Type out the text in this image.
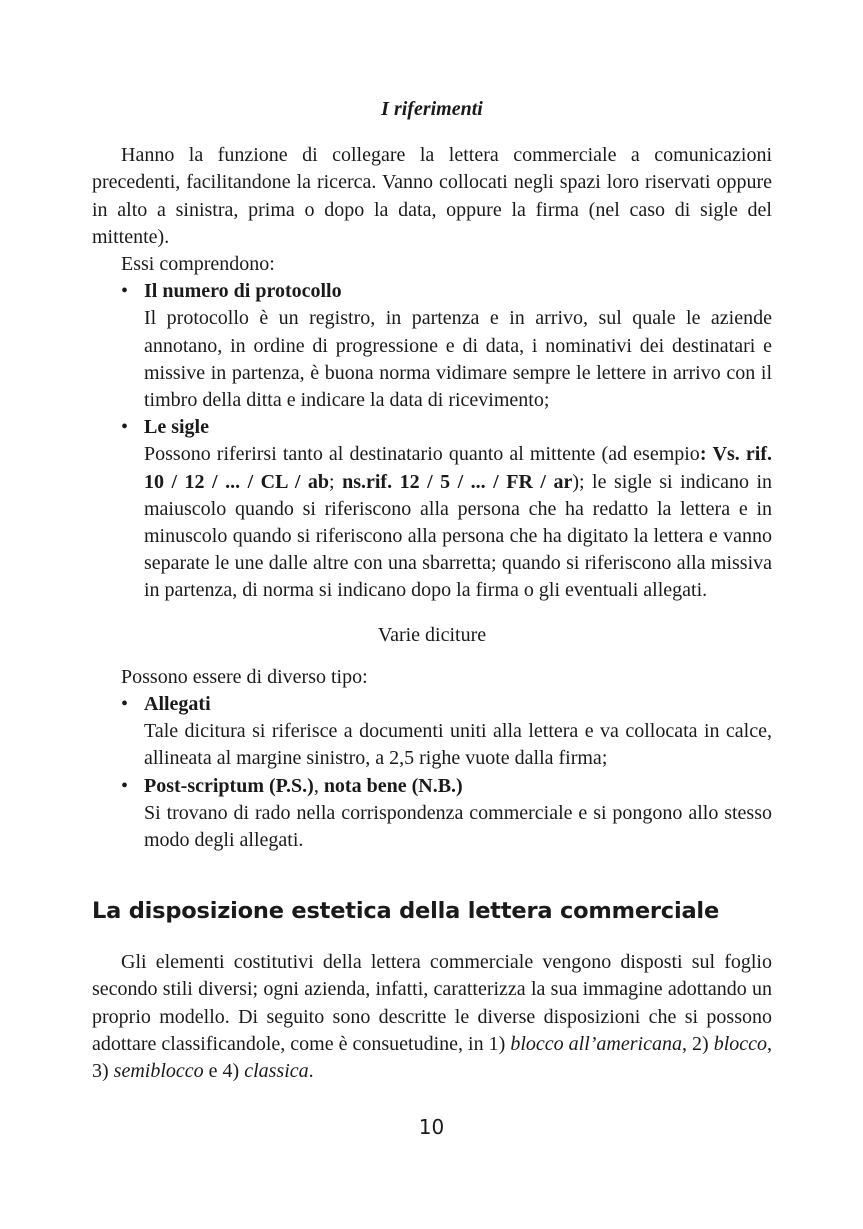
I riferimenti

Hanno la funzione di collegare la lettera commerciale a comunicazioni precedenti, facilitandone la ricerca. Vanno collocati negli spazi loro riservati oppure in alto a sinistra, prima o dopo la data, oppure la firma (nel caso di sigle del mittente).

Essi comprendono:

• Il numero di protocollo
Il protocollo è un registro, in partenza e in arrivo, sul quale le aziende annotano, in ordine di progressione e di data, i nominativi dei destinatari e missive in partenza, è buona norma vidimare sempre le lettere in arrivo con il timbro della ditta e indicare la data di ricevimento;
• Le sigle
Possono riferirsi tanto al destinatario quanto al mittente (ad esempio: Vs. rif. 10 / 12 / ... / CL / ab; ns.rif. 12 / 5 / ... / FR / ar); le sigle si indicano in maiuscolo quando si riferiscono alla persona che ha redatto la lettera e in minuscolo quando si riferiscono alla persona che ha digitato la lettera e vanno separate le une dalle altre con una sbarretta; quando si riferiscono alla missiva in partenza, di norma si indicano dopo la firma o gli eventuali allegati.

Varie diciture

Possono essere di diverso tipo:

• Allegati
Tale dicitura si riferisce a documenti uniti alla lettera e va collocata in calce, allineata al margine sinistro, a 2,5 righe vuote dalla firma;
• Post-scriptum (P.S.), nota bene (N.B.)
Si trovano di rado nella corrispondenza commerciale e si pongono allo stesso modo degli allegati.
La disposizione estetica della lettera commerciale

Gli elementi costitutivi della lettera commerciale vengono disposti sul foglio secondo stili diversi; ogni azienda, infatti, caratterizza la sua immagine adottando un proprio modello. Di seguito sono descritte le diverse disposizioni che si possono adottare classificandole, come è consuetudine, in 1) blocco all’americana, 2) blocco, 3) semiblocco e 4) classica.

10
